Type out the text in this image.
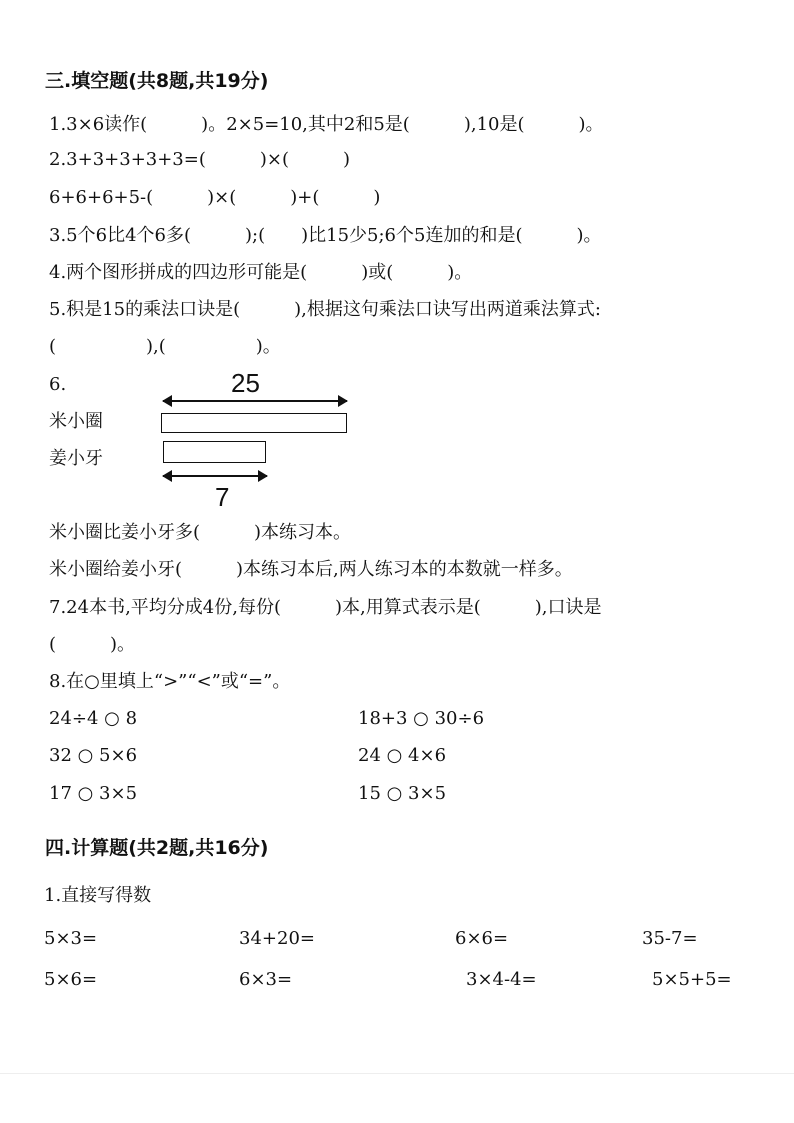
三.填空题(共8题,共19分)
1.3×6读作(　　　)。2×5=10,其中2和5是(　　　),10是(　　　)。
2.3+3+3+3+3=(　　　)×(　　　)
6+6+6+5-(　　　)×(　　　)+(　　　)
3.5个6比4个6多(　　　);(　　)比15少5;6个5连加的和是(　　　)。
4.两个图形拼成的四边形可能是(　　　)或(　　　)。
5.积是15的乘法口诀是(　　　),根据这句乘法口诀写出两道乘法算式:
(　　　　　),(　　　　　)。
6.	25
米小圈
姜小牙
7
米小圈比姜小牙多(　　　)本练习本。
米小圈给姜小牙(　　　)本练习本后,两人练习本的本数就一样多。
7.24本书,平均分成4份,每份(　　　)本,用算式表示是(　　　),口诀是
(　　　)。
8.在○里填上“>”“<”或“=”。
24÷4 ○ 8	18+3 ○ 30÷6
32 ○ 5×6	24 ○ 4×6
17 ○ 3×5	15 ○ 3×5
四.计算题(共2题,共16分)
1.直接写得数
5×3=	34+20=	6×6=	35-7=
5×6=	6×3=	3×4-4=	5×5+5=
